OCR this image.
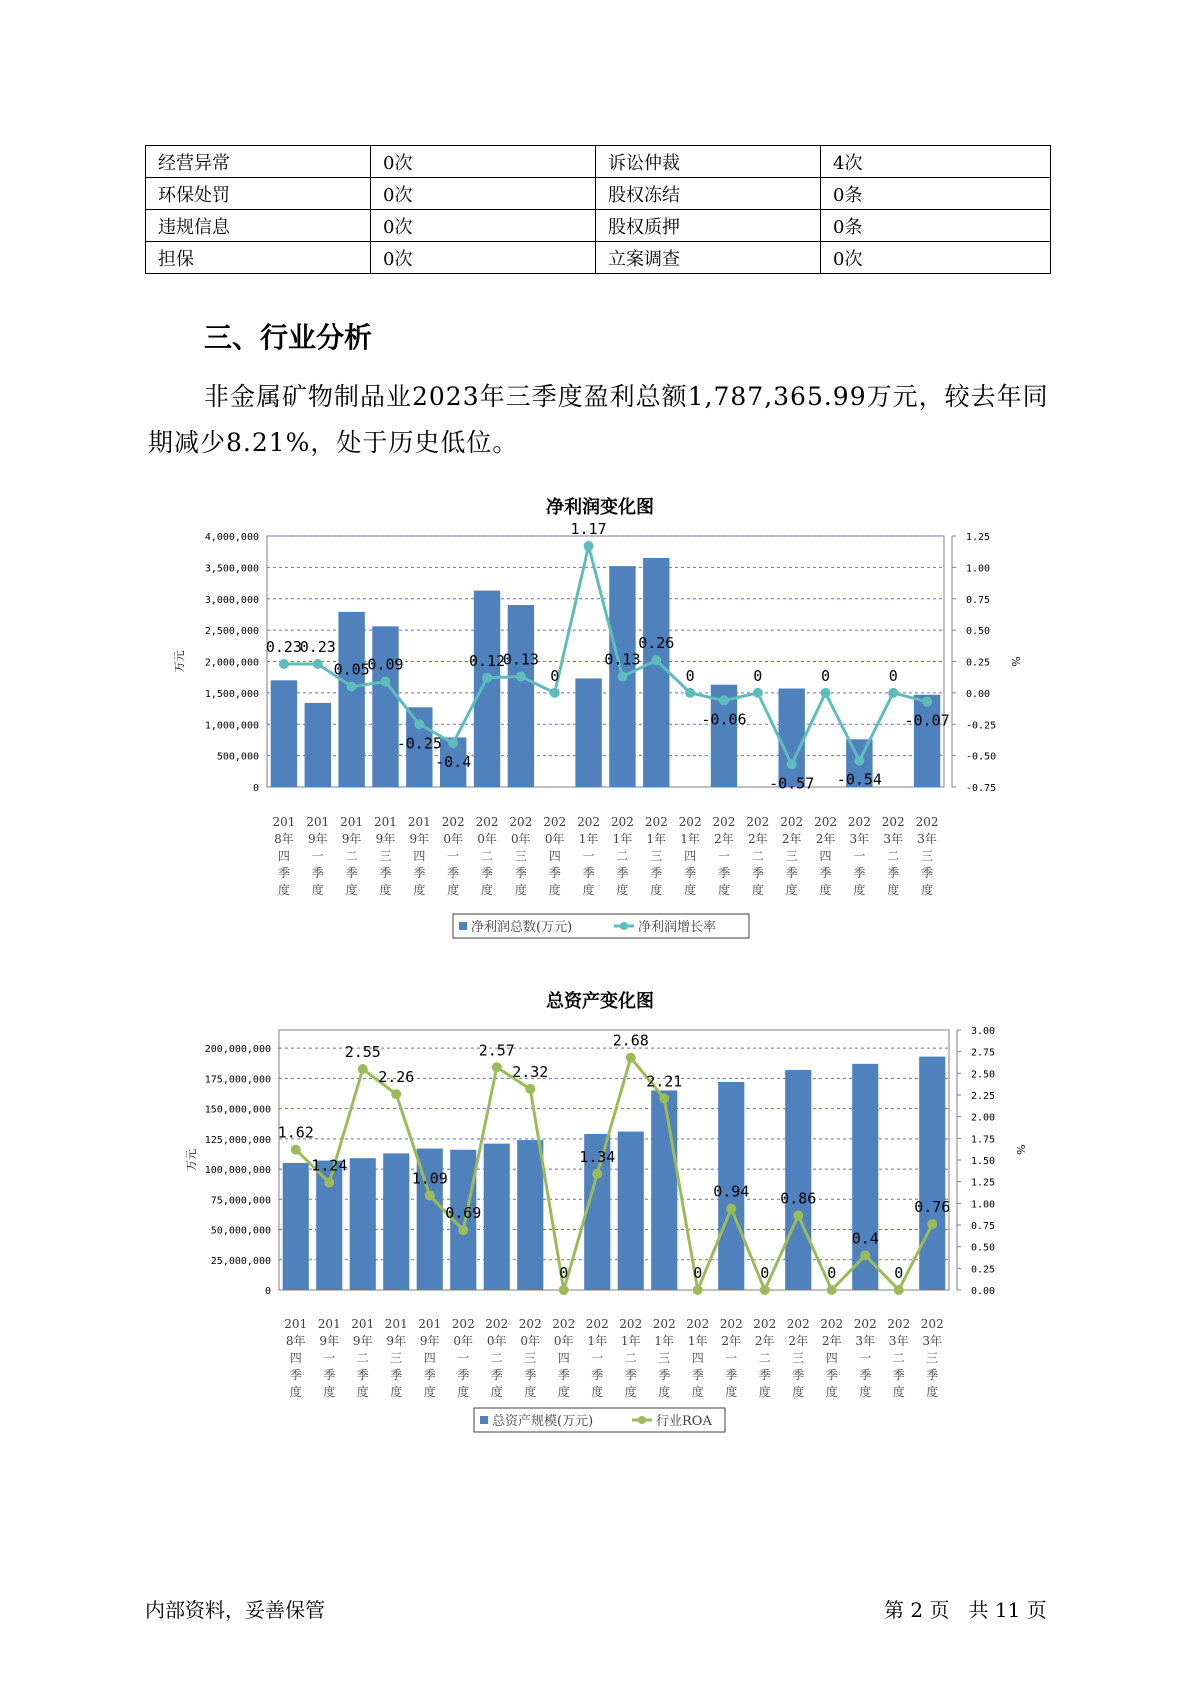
经营异常	0次	诉讼仲裁	4次
环保处罚	0次	股权冻结	0条
违规信息	0次	股权质押	0条
担保	0次	立案调查	0次
三、行业分析

非金属矿物制品业2023年三季度盈利总额1,787,365.99万元，较去年同期减少8.21%，处于历史低位。

净利润变化图
0
500,000
1,000,000
1,500,000
2,000,000
2,500,000
3,000,000
3,500,000
4,000,000
-0.75
-0.50
-0.25
0.00
0.25
0.50
0.75
1.00
1.25
万元	%
0.23
0.23
0.05
0.09
-0.25
-0.4
0.12
0.13
0
1.17
0.13
0.26
0
-0.06
0
-0.57
0
-0.54
0
-0.07
201 8年四季度
201 9年一季度
201 9年二季度
201 9年三季度
201 9年四季度
202 0年一季度
202 0年二季度
202 0年三季度
202 0年四季度
202 1年一季度
202 1年二季度
202 1年三季度
202 1年四季度
202 2年一季度
202 2年二季度
202 2年三季度
202 2年四季度
202 3年一季度
202 3年二季度
202 3年三季度
净利润总数(万元)	净利润增长率
总资产变化图
0
25,000,000
50,000,000
75,000,000
100,000,000
125,000,000
150,000,000
175,000,000
200,000,000
0.00
0.25
0.50
0.75
1.00
1.25
1.50
1.75
2.00
2.25
2.50
2.75
3.00
万元	%
1.62
1.24
2.55
2.26
1.09
0.69
2.57
2.32
0
1.34
2.68
2.21
0
0.94
0
0.86
0
0.4
0
0.76
201 8年四季度
201 9年一季度
201 9年二季度
201 9年三季度
201 9年四季度
202 0年一季度
202 0年二季度
202 0年三季度
202 0年四季度
202 1年一季度
202 1年二季度
202 1年三季度
202 1年四季度
202 2年一季度
202 2年二季度
202 2年三季度
202 2年四季度
202 3年一季度
202 3年二季度
202 3年三季度
总资产规模(万元)	行业ROA
内部资料，妥善保管	第 2 页 共 11 页
